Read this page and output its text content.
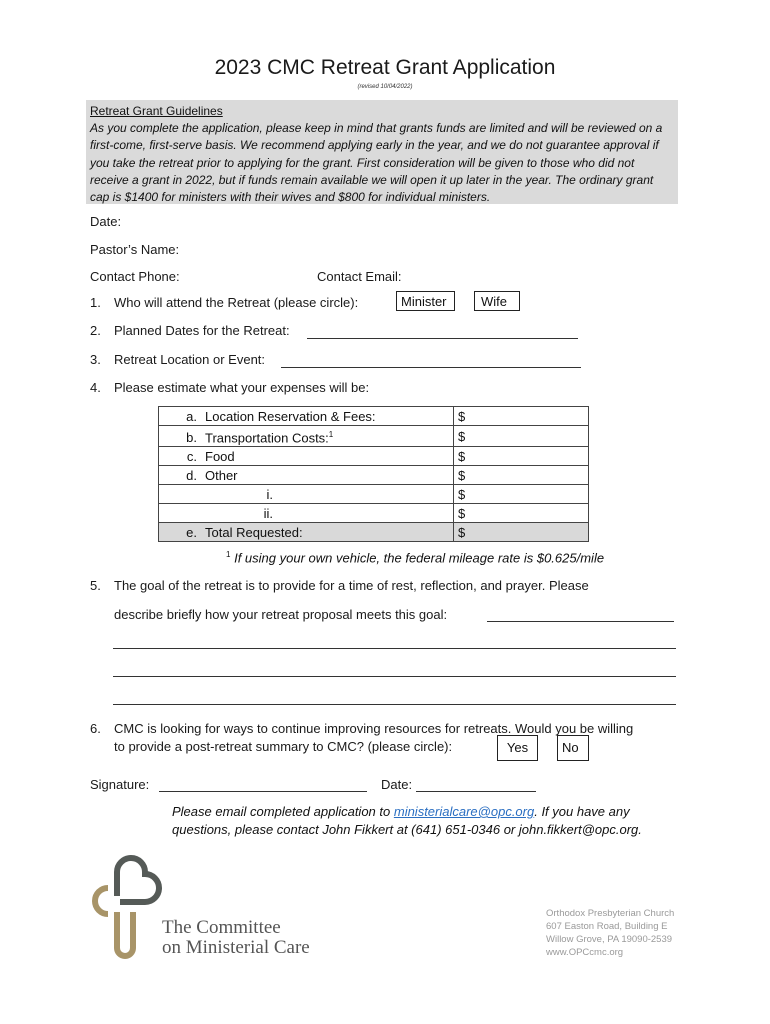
2023 CMC Retreat Grant Application
(revised 10/04/2022)
Retreat Grant Guidelines
As you complete the application, please keep in mind that grants funds are limited and will be reviewed on a first-come, first-serve basis. We recommend applying early in the year, and we do not guarantee approval if you take the retreat prior to applying for the grant. First consideration will be given to those who did not receive a grant in 2022, but if funds remain available we will open it up later in the year. The ordinary grant cap is $1400 for ministers with their wives and $800 for individual ministers.
Date:
Pastor’s Name:
Contact Phone:	Contact Email:
1. Who will attend the Retreat (please circle):	Minister	Wife
2. Planned Dates for the Retreat:
3. Retreat Location or Event:
4. Please estimate what your expenses will be:
a. Location Reservation & Fees:	$
b. Transportation Costs:$^1$	$
c. Food	$
d. Other	$
i.	$
ii.	$
e. Total Requested:	$
$^1$ If using your own vehicle, the federal mileage rate is $0.625/mile
5. The goal of the retreat is to provide for a time of rest, reflection, and prayer. Please
describe briefly how your retreat proposal meets this goal:
6. CMC is looking for ways to continue improving resources for retreats. Would you be willing
to provide a post-retreat summary to CMC? (please circle):	Yes	No
Signature:	Date:
Please email completed application to ministerialcare@opc.org. If you have any
questions, please contact John Fikkert at (641) 651-0346 or john.fikkert@opc.org.
The Committee
on Ministerial Care
Orthodox Presbyterian Church
607 Easton Road, Building E
Willow Grove, PA 19090-2539
www.OPCcmc.org
